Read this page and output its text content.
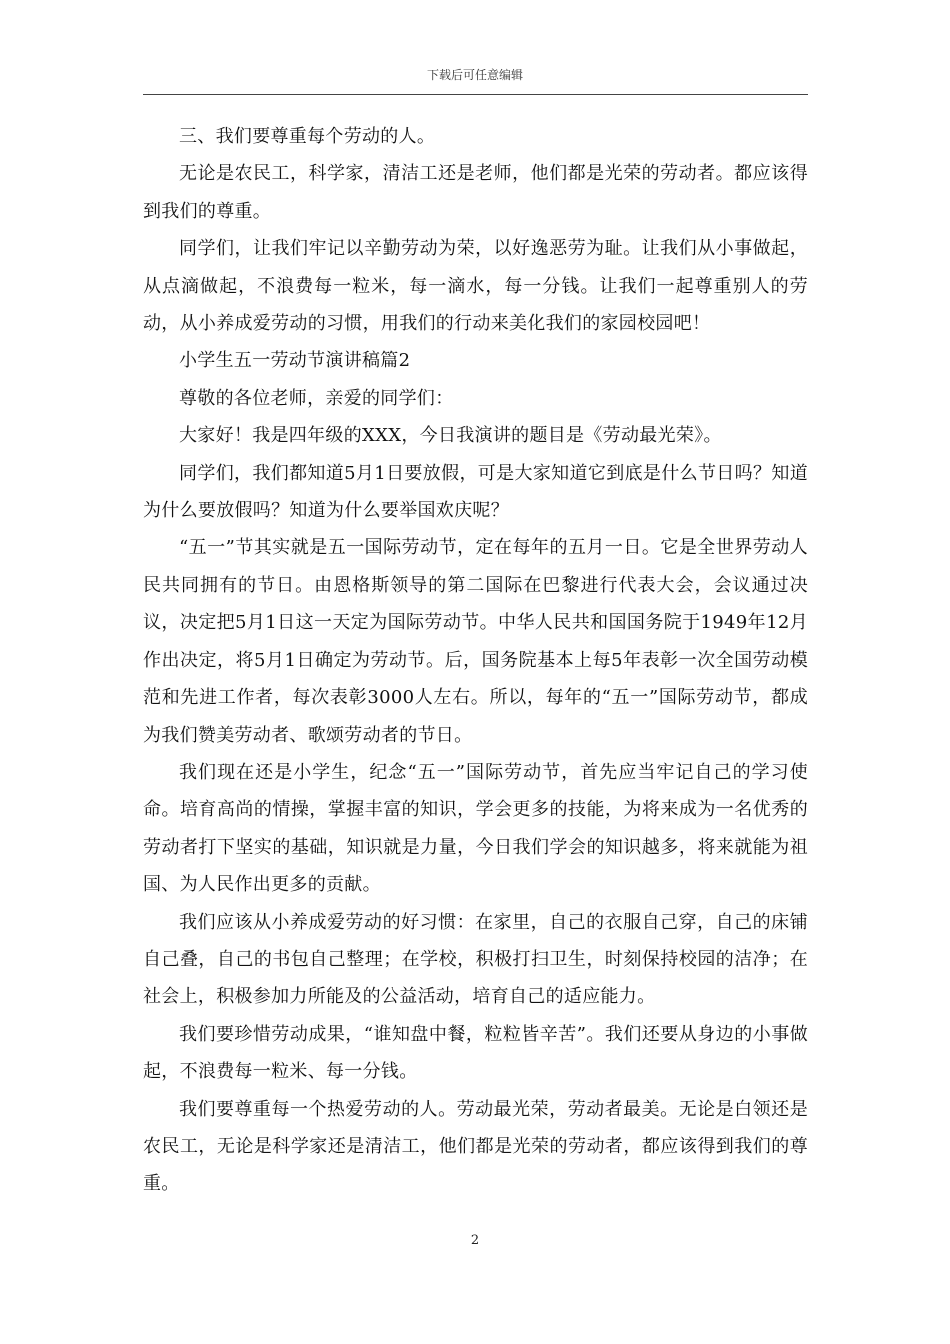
下载后可任意编辑

三、我们要尊重每个劳动的人。

无论是农民工，科学家，清洁工还是老师，他们都是光荣的劳动者。都应该得到我们的尊重。

同学们，让我们牢记以辛勤劳动为荣，以好逸恶劳为耻。让我们从小事做起，从点滴做起，不浪费每一粒米，每一滴水，每一分钱。让我们一起尊重别人的劳动，从小养成爱劳动的习惯，用我们的行动来美化我们的家园校园吧！

小学生五一劳动节演讲稿篇2

尊敬的各位老师，亲爱的同学们：

大家好！我是四年级的XXX，今日我演讲的题目是《劳动最光荣》。

同学们，我们都知道5月1日要放假，可是大家知道它到底是什么节日吗？知道为什么要放假吗？知道为什么要举国欢庆呢？

“五一”节其实就是五一国际劳动节，定在每年的五月一日。它是全世界劳动人民共同拥有的节日。由恩格斯领导的第二国际在巴黎进行代表大会，会议通过决议，决定把5月1日这一天定为国际劳动节。中华人民共和国国务院于1949年12月作出决定，将5月1日确定为劳动节。后，国务院基本上每5年表彰一次全国劳动模范和先进工作者，每次表彰3000人左右。所以，每年的“五一”国际劳动节，都成为我们赞美劳动者、歌颂劳动者的节日。

我们现在还是小学生，纪念“五一”国际劳动节，首先应当牢记自己的学习使命。培育高尚的情操，掌握丰富的知识，学会更多的技能，为将来成为一名优秀的劳动者打下坚实的基础，知识就是力量，今日我们学会的知识越多，将来就能为祖国、为人民作出更多的贡献。

我们应该从小养成爱劳动的好习惯：在家里，自己的衣服自己穿，自己的床铺自己叠，自己的书包自己整理；在学校，积极打扫卫生，时刻保持校园的洁净；在社会上，积极参加力所能及的公益活动，培育自己的适应能力。

我们要珍惜劳动成果，“谁知盘中餐，粒粒皆辛苦”。我们还要从身边的小事做起，不浪费每一粒米、每一分钱。

我们要尊重每一个热爱劳动的人。劳动最光荣，劳动者最美。无论是白领还是农民工，无论是科学家还是清洁工，他们都是光荣的劳动者，都应该得到我们的尊重。

2
